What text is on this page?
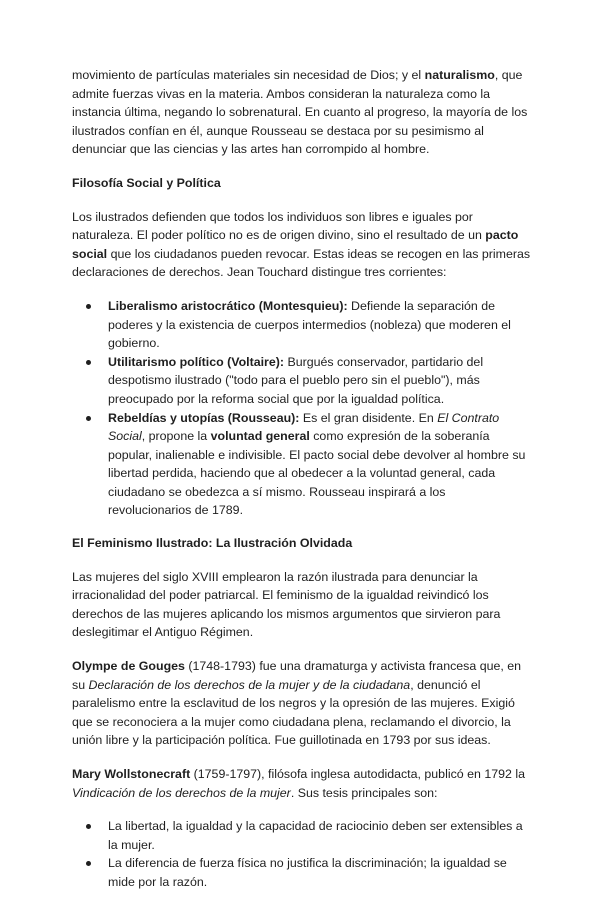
movimiento de partículas materiales sin necesidad de Dios; y el naturalismo, que admite fuerzas vivas en la materia. Ambos consideran la naturaleza como la instancia última, negando lo sobrenatural. En cuanto al progreso, la mayoría de los ilustrados confían en él, aunque Rousseau se destaca por su pesimismo al denunciar que las ciencias y las artes han corrompido al hombre.

Filosofía Social y Política

Los ilustrados defienden que todos los individuos son libres e iguales por naturaleza. El poder político no es de origen divino, sino el resultado de un pacto social que los ciudadanos pueden revocar. Estas ideas se recogen en las primeras declaraciones de derechos. Jean Touchard distingue tres corrientes:

Liberalismo aristocrático (Montesquieu): Defiende la separación de poderes y la existencia de cuerpos intermedios (nobleza) que moderen el gobierno.
Utilitarismo político (Voltaire): Burgués conservador, partidario del despotismo ilustrado ("todo para el pueblo pero sin el pueblo"), más preocupado por la reforma social que por la igualdad política.
Rebeldías y utopías (Rousseau): Es el gran disidente. En El Contrato Social, propone la voluntad general como expresión de la soberanía popular, inalienable e indivisible. El pacto social debe devolver al hombre su libertad perdida, haciendo que al obedecer a la voluntad general, cada ciudadano se obedezca a sí mismo. Rousseau inspirará a los revolucionarios de 1789.

El Feminismo Ilustrado: La Ilustración Olvidada

Las mujeres del siglo XVIII emplearon la razón ilustrada para denunciar la irracionalidad del poder patriarcal. El feminismo de la igualdad reivindicó los derechos de las mujeres aplicando los mismos argumentos que sirvieron para deslegitimar el Antiguo Régimen.

Olympe de Gouges (1748-1793) fue una dramaturga y activista francesa que, en su Declaración de los derechos de la mujer y de la ciudadana, denunció el paralelismo entre la esclavitud de los negros y la opresión de las mujeres. Exigió que se reconociera a la mujer como ciudadana plena, reclamando el divorcio, la unión libre y la participación política. Fue guillotinada en 1793 por sus ideas.

Mary Wollstonecraft (1759-1797), filósofa inglesa autodidacta, publicó en 1792 la Vindicación de los derechos de la mujer. Sus tesis principales son:

La libertad, la igualdad y la capacidad de raciocinio deben ser extensibles a la mujer.
La diferencia de fuerza física no justifica la discriminación; la igualdad se mide por la razón.
